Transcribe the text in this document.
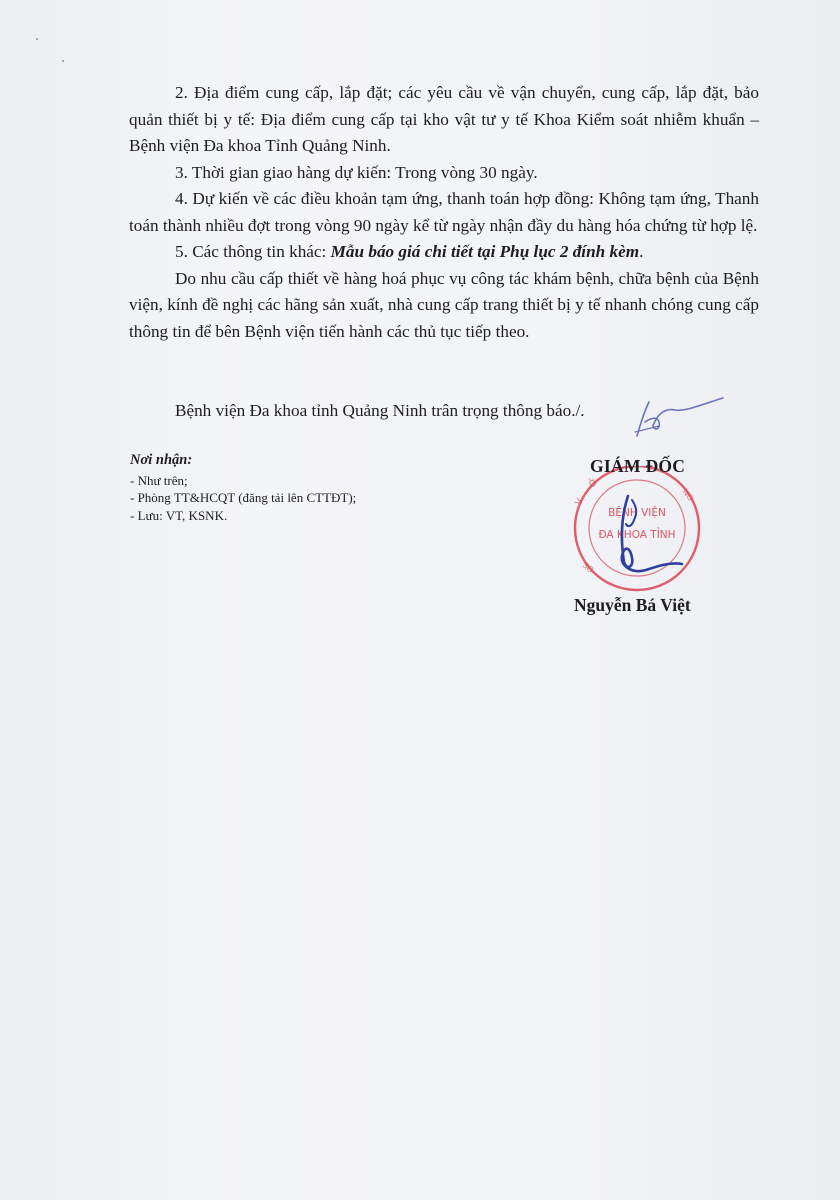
2. Địa điểm cung cấp, lắp đặt; các yêu cầu về vận chuyển, cung cấp, lắp đặt, bảo quản thiết bị y tế: Địa điểm cung cấp tại kho vật tư y tế Khoa Kiểm soát nhiễm khuẩn – Bệnh viện Đa khoa Tỉnh Quảng Ninh.

3. Thời gian giao hàng dự kiến: Trong vòng 30 ngày.

4. Dự kiến về các điều khoản tạm ứng, thanh toán hợp đồng: Không tạm ứng, Thanh toán thành nhiều đợt trong vòng 90 ngày kể từ ngày nhận đầy du hàng hóa chứng từ hợp lệ.

5. Các thông tin khác: Mẫu báo giá chi tiết tại Phụ lục 2 đính kèm.

Do nhu cầu cấp thiết về hàng hoá phục vụ công tác khám bệnh, chữa bệnh của Bệnh viện, kính đề nghị các hãng sản xuất, nhà cung cấp trang thiết bị y tế nhanh chóng cung cấp thông tin để bên Bệnh viện tiến hành các thủ tục tiếp theo.

Bệnh viện Đa khoa tỉnh Quảng Ninh trân trọng thông báo./.
Nơi nhận:
- Như trên;
- Phòng TT&HCQT (đăng tải lên CTTĐT);
- Lưu: VT, KSNK.
V
Ở
NG
SO
BỆNH VIỆN
ĐA KHOA TỈNH
GIÁM ĐỐC
Nguyễn Bá Việt
